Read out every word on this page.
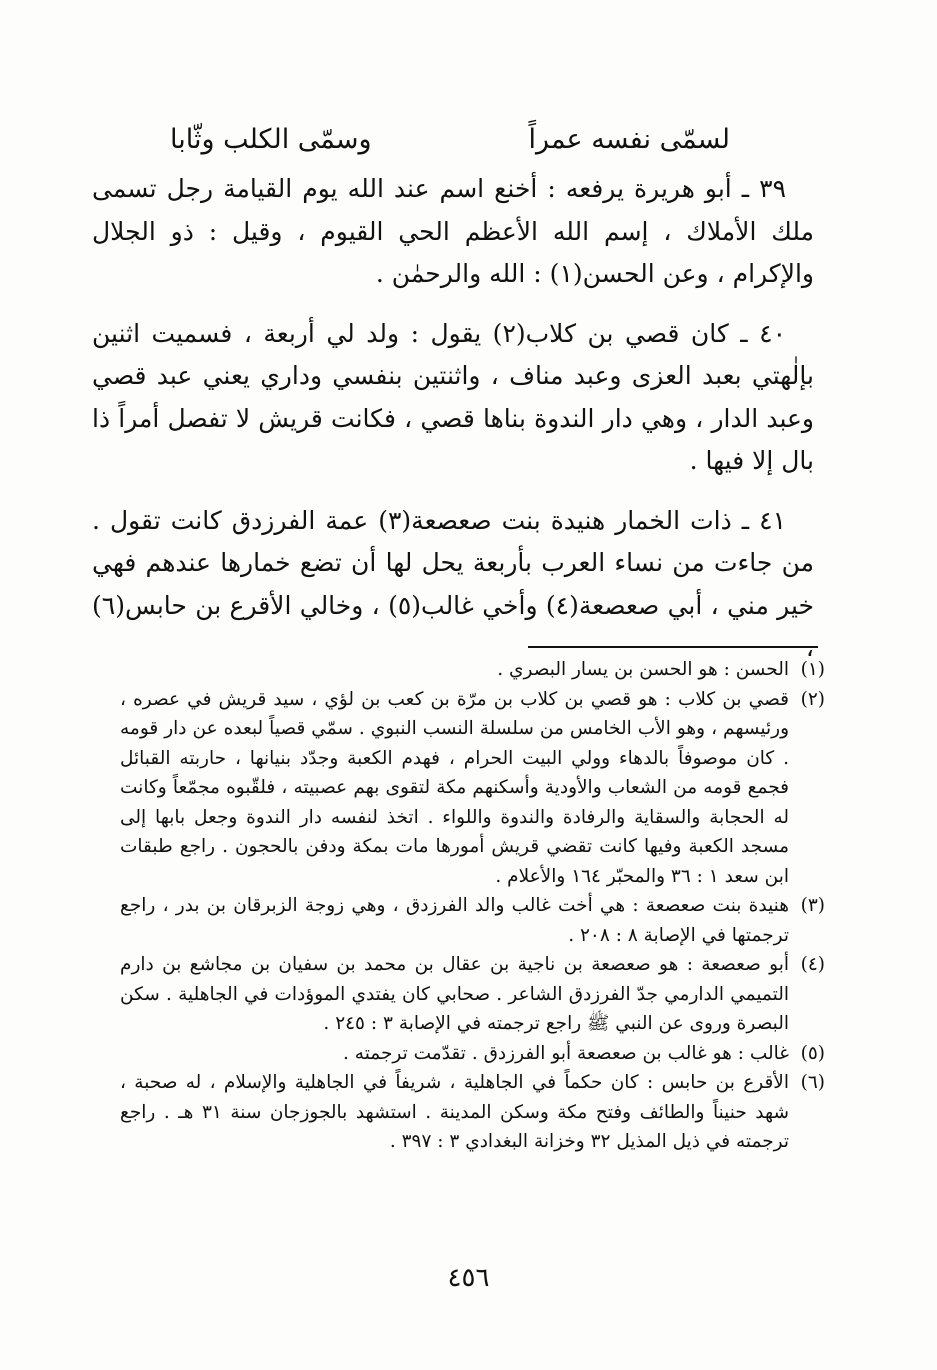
لسمّى نفسه عمراً
وسمّى الكلب وثّابا

٣٩ ـ أبو هريرة يرفعه : أخنع اسم عند الله يوم القيامة رجل تسمى ملك الأملاك ، إسم الله الأعظم الحي القيوم ، وقيل : ذو الجلال والإكرام ، وعن الحسن(١) : الله والرحمٰن .

٤٠ ـ كان قصي بن كلاب(٢) يقول : ولد لي أربعة ، فسميت اثنين بإلٰهتي بعبد العزى وعبد مناف ، واثنتين بنفسي وداري يعني عبد قصي وعبد الدار ، وهي دار الندوة بناها قصي ، فكانت قريش لا تفصل أمراً ذا بال إلا فيها .

٤١ ـ ذات الخمار هنيدة بنت صعصعة(٣) عمة الفرزدق كانت تقول . من جاءت من نساء العرب بأربعة يحل لها أن تضع خمارها عندهم فهي خير مني ، أبي صعصعة(٤) وأخي غالب(٥) ، وخالي الأقرع بن حابس(٦) ،

(١)
الحسن : هو الحسن بن يسار البصري .
(٢)
قصي بن كلاب : هو قصي بن كلاب بن مرّة بن كعب بن لؤي ، سيد قريش في عصره ، ورئيسهم ، وهو الأب الخامس من سلسلة النسب النبوي . سمّي قصياً لبعده عن دار قومه . كان موصوفاً بالدهاء وولي البيت الحرام ، فهدم الكعبة وجدّد بنيانها ، حاربته القبائل فجمع قومه من الشعاب والأودية وأسكنهم مكة لتقوى بهم عصبيته ، فلقّبوه مجمّعاً وكانت له الحجابة والسقاية والرفادة والندوة واللواء . اتخذ لنفسه دار الندوة وجعل بابها إلى مسجد الكعبة وفيها كانت تقضي قريش أمورها مات بمكة ودفن بالحجون . راجع طبقات ابن سعد ١ : ٣٦ والمحبّر ١٦٤ والأعلام .
(٣)
هنيدة بنت صعصعة : هي أخت غالب والد الفرزدق ، وهي زوجة الزبرقان بن بدر ، راجع ترجمتها في الإصابة ٨ : ٢٠٨ .
(٤)
أبو صعصعة : هو صعصعة بن ناجية بن عقال بن محمد بن سفيان بن مجاشع بن دارم التميمي الدارمي جدّ الفرزدق الشاعر . صحابي كان يفتدي الموؤدات في الجاهلية . سكن البصرة وروى عن النبي ﷺ راجع ترجمته في الإصابة ٣ : ٢٤٥ .
(٥)
غالب : هو غالب بن صعصعة أبو الفرزدق . تقدّمت ترجمته .
(٦)
الأقرع بن حابس : كان حكماً في الجاهلية ، شريفاً في الجاهلية والإسلام ، له صحبة ، شهد حنيناً والطائف وفتح مكة وسكن المدينة . استشهد بالجوزجان سنة ٣١ هـ . راجع ترجمته في ذيل المذيل ٣٢ وخزانة البغدادي ٣ : ٣٩٧ .
٤٥٦
